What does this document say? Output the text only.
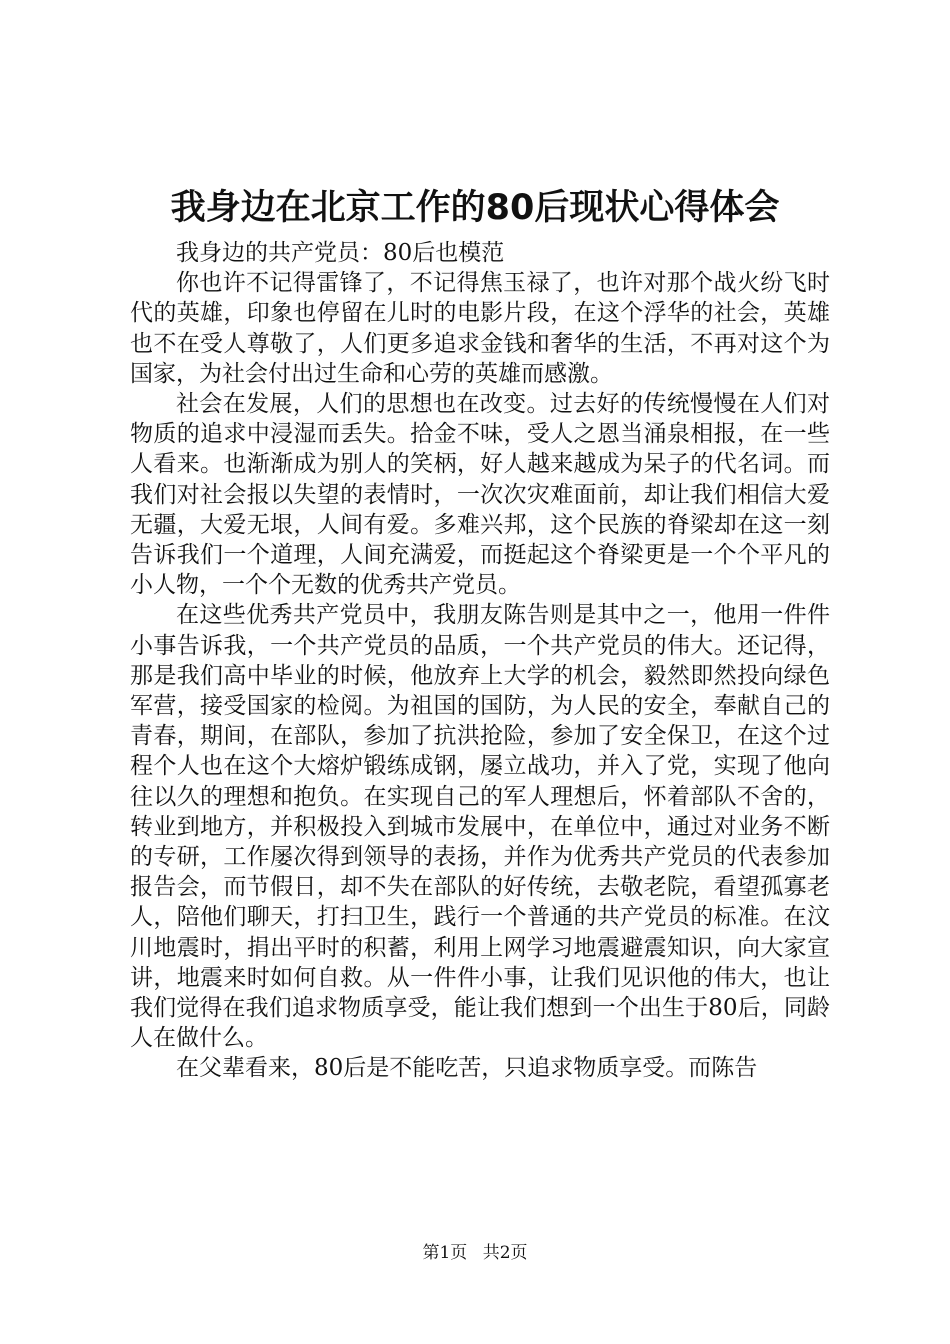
我身边在北京工作的80后现状心得体会

我身边的共产党员：80后也模范

你也许不记得雷锋了，不记得焦玉禄了，也许对那个战火纷飞时代的英雄，印象也停留在儿时的电影片段，在这个浮华的社会，英雄也不在受人尊敬了，人们更多追求金钱和奢华的生活，不再对这个为国家，为社会付出过生命和心劳的英雄而感激。

社会在发展，人们的思想也在改变。过去好的传统慢慢在人们对物质的追求中浸湿而丢失。拾金不味，受人之恩当涌泉相报，在一些人看来。也渐渐成为别人的笑柄，好人越来越成为呆子的代名词。而我们对社会报以失望的表情时，一次次灾难面前，却让我们相信大爱无疆，大爱无垠，人间有爱。多难兴邦，这个民族的脊梁却在这一刻告诉我们一个道理，人间充满爱，而挺起这个脊梁更是一个个平凡的小人物，一个个无数的优秀共产党员。

在这些优秀共产党员中，我朋友陈告则是其中之一，他用一件件小事告诉我，一个共产党员的品质，一个共产党员的伟大。还记得，那是我们高中毕业的时候，他放弃上大学的机会，毅然即然投向绿色军营，接受国家的检阅。为祖国的国防，为人民的安全，奉献自己的青春，期间，在部队，参加了抗洪抢险，参加了安全保卫，在这个过程个人也在这个大熔炉锻练成钢，屡立战功，并入了党，实现了他向往以久的理想和抱负。在实现自己的军人理想后，怀着部队不舍的，转业到地方，并积极投入到城市发展中，在单位中，通过对业务不断的专研，工作屡次得到领导的表扬，并作为优秀共产党员的代表参加报告会，而节假日，却不失在部队的好传统，去敬老院，看望孤寡老人，陪他们聊天，打扫卫生，践行一个普通的共产党员的标准。在汶川地震时，捐出平时的积蓄，利用上网学习地震避震知识，向大家宣讲，地震来时如何自救。从一件件小事，让我们见识他的伟大，也让我们觉得在我们追求物质享受，能让我们想到一个出生于80后，同龄人在做什么。

在父辈看来，80后是不能吃苦，只追求物质享受。而陈告

第1页 共2页
